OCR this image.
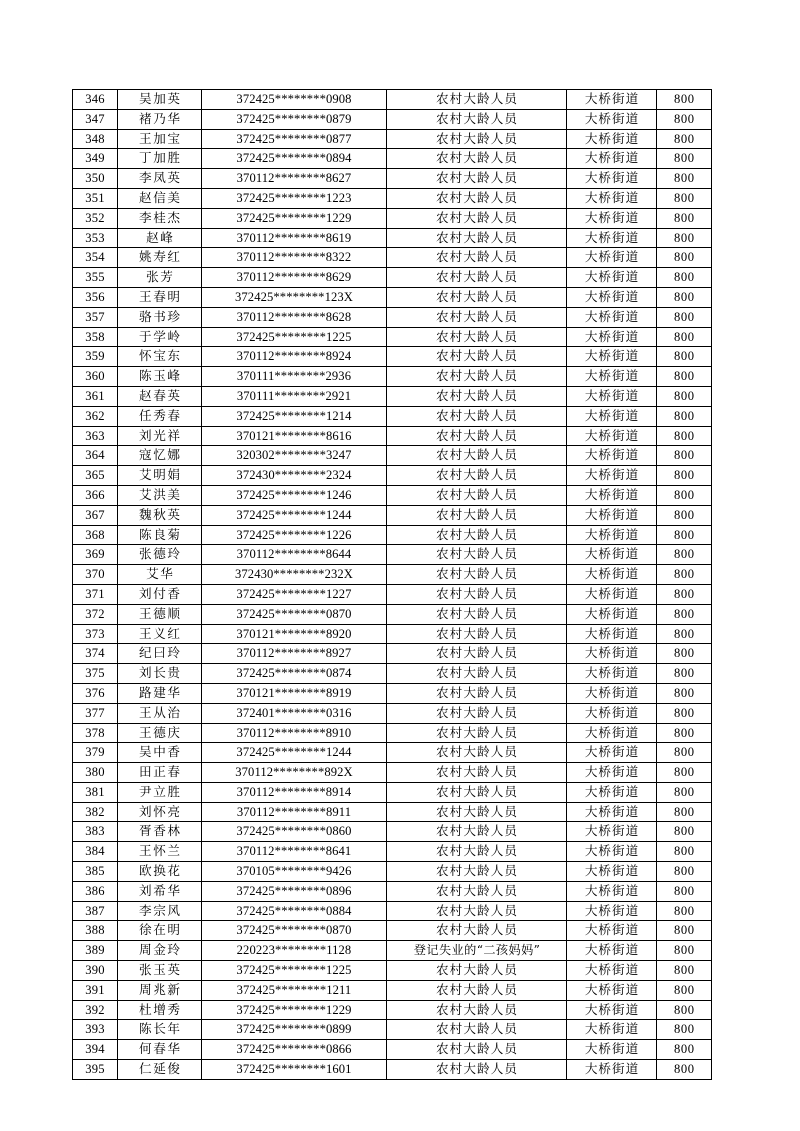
346	吴加英	372425********0908	农村大龄人员	大桥街道	800
347	褚乃华	372425********0879	农村大龄人员	大桥街道	800
348	王加宝	372425********0877	农村大龄人员	大桥街道	800
349	丁加胜	372425********0894	农村大龄人员	大桥街道	800
350	李凤英	370112********8627	农村大龄人员	大桥街道	800
351	赵信美	372425********1223	农村大龄人员	大桥街道	800
352	李桂杰	372425********1229	农村大龄人员	大桥街道	800
353	赵峰	370112********8619	农村大龄人员	大桥街道	800
354	姚寿红	370112********8322	农村大龄人员	大桥街道	800
355	张芳	370112********8629	农村大龄人员	大桥街道	800
356	王春明	372425********123X	农村大龄人员	大桥街道	800
357	骆书珍	370112********8628	农村大龄人员	大桥街道	800
358	于学岭	372425********1225	农村大龄人员	大桥街道	800
359	怀宝东	370112********8924	农村大龄人员	大桥街道	800
360	陈玉峰	370111********2936	农村大龄人员	大桥街道	800
361	赵春英	370111********2921	农村大龄人员	大桥街道	800
362	任秀春	372425********1214	农村大龄人员	大桥街道	800
363	刘光祥	370121********8616	农村大龄人员	大桥街道	800
364	寇忆娜	320302********3247	农村大龄人员	大桥街道	800
365	艾明娟	372430********2324	农村大龄人员	大桥街道	800
366	艾洪美	372425********1246	农村大龄人员	大桥街道	800
367	魏秋英	372425********1244	农村大龄人员	大桥街道	800
368	陈良菊	372425********1226	农村大龄人员	大桥街道	800
369	张德玲	370112********8644	农村大龄人员	大桥街道	800
370	艾华	372430********232X	农村大龄人员	大桥街道	800
371	刘付香	372425********1227	农村大龄人员	大桥街道	800
372	王德顺	372425********0870	农村大龄人员	大桥街道	800
373	王义红	370121********8920	农村大龄人员	大桥街道	800
374	纪曰玲	370112********8927	农村大龄人员	大桥街道	800
375	刘长贵	372425********0874	农村大龄人员	大桥街道	800
376	路建华	370121********8919	农村大龄人员	大桥街道	800
377	王从治	372401********0316	农村大龄人员	大桥街道	800
378	王德庆	370112********8910	农村大龄人员	大桥街道	800
379	吴中香	372425********1244	农村大龄人员	大桥街道	800
380	田正春	370112********892X	农村大龄人员	大桥街道	800
381	尹立胜	370112********8914	农村大龄人员	大桥街道	800
382	刘怀亮	370112********8911	农村大龄人员	大桥街道	800
383	胥香林	372425********0860	农村大龄人员	大桥街道	800
384	王怀兰	370112********8641	农村大龄人员	大桥街道	800
385	欧换花	370105********9426	农村大龄人员	大桥街道	800
386	刘希华	372425********0896	农村大龄人员	大桥街道	800
387	李宗风	372425********0884	农村大龄人员	大桥街道	800
388	徐在明	372425********0870	农村大龄人员	大桥街道	800
389	周金玲	220223********1128	登记失业的“二孩妈妈”	大桥街道	800
390	张玉英	372425********1225	农村大龄人员	大桥街道	800
391	周兆新	372425********1211	农村大龄人员	大桥街道	800
392	杜增秀	372425********1229	农村大龄人员	大桥街道	800
393	陈长年	372425********0899	农村大龄人员	大桥街道	800
394	何春华	372425********0866	农村大龄人员	大桥街道	800
395	仁延俊	372425********1601	农村大龄人员	大桥街道	800
